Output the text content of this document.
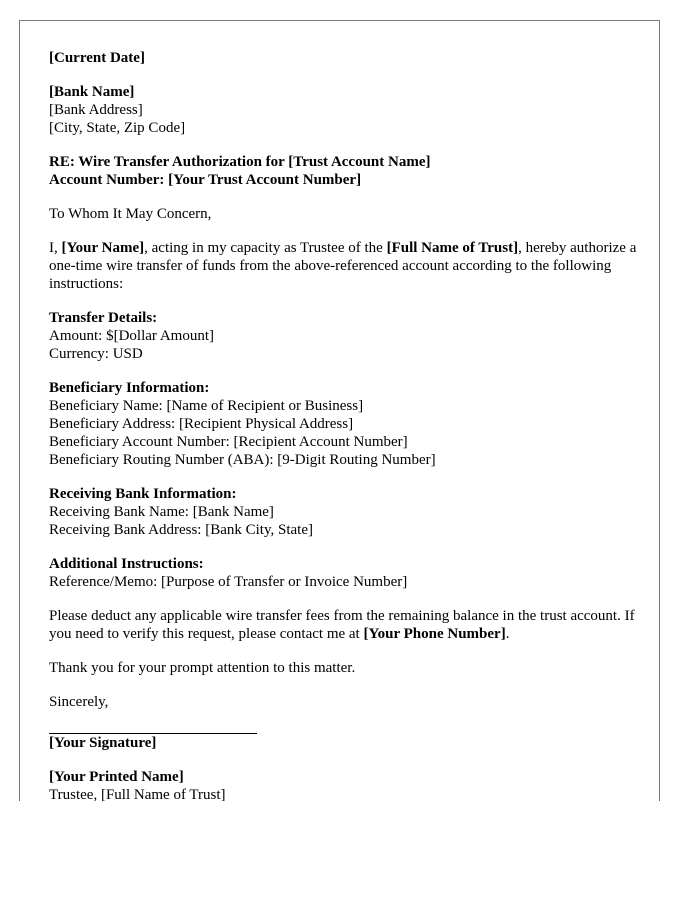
[Current Date]
[Bank Name]
[Bank Address]
[City, State, Zip Code]
RE: Wire Transfer Authorization for [Trust Account Name]
Account Number: [Your Trust Account Number]

To Whom It May Concern,

I, [Your Name], acting in my capacity as Trustee of the [Full Name of Trust], hereby authorize a one-time wire transfer of funds from the above-referenced account according to the following instructions:

Transfer Details:
Amount: $[Dollar Amount]
Currency: USD
Beneficiary Information:
Beneficiary Name: [Name of Recipient or Business]
Beneficiary Address: [Recipient Physical Address]
Beneficiary Account Number: [Recipient Account Number]
Beneficiary Routing Number (ABA): [9-Digit Routing Number]
Receiving Bank Information:
Receiving Bank Name: [Bank Name]
Receiving Bank Address: [Bank City, State]
Additional Instructions:
Reference/Memo: [Purpose of Transfer or Invoice Number]

Please deduct any applicable wire transfer fees from the remaining balance in the trust account. If you need to verify this request, please contact me at [Your Phone Number].

Thank you for your prompt attention to this matter.

Sincerely,

[Your Signature]
[Your Printed Name]
Trustee, [Full Name of Trust]
